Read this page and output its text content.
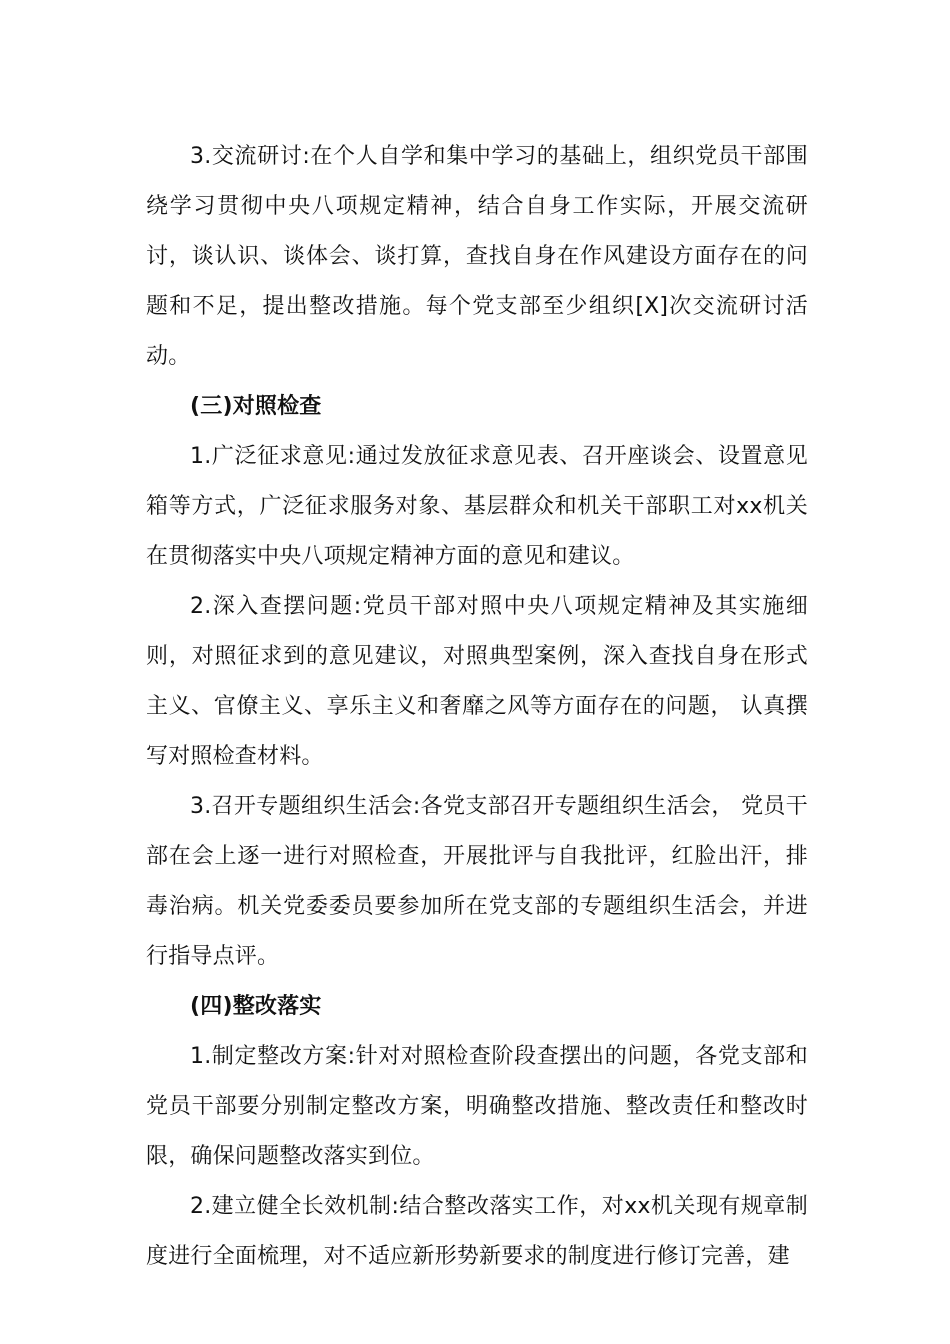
3.交流研讨:在个人自学和集中学习的基础上，组织党员干部围绕学习贯彻中央八项规定精神，结合自身工作实际，开展交流研讨，谈认识、谈体会、谈打算，查找自身在作风建设方面存在的问题和不足，提出整改措施。每个党支部至少组织[X]次交流研讨活动。

(三)对照检查

1.广泛征求意见:通过发放征求意见表、召开座谈会、设置意见箱等方式，广泛征求服务对象、基层群众和机关干部职工对xx机关在贯彻落实中央八项规定精神方面的意见和建议。

2.深入查摆问题:党员干部对照中央八项规定精神及其实施细则，对照征求到的意见建议，对照典型案例，深入查找自身在形式主义、官僚主义、享乐主义和奢靡之风等方面存在的问题， 认真撰写对照检查材料。

3.召开专题组织生活会:各党支部召开专题组织生活会， 党员干部在会上逐一进行对照检查，开展批评与自我批评，红脸出汗，排毒治病。机关党委委员要参加所在党支部的专题组织生活会，并进行指导点评。

(四)整改落实

1.制定整改方案:针对对照检查阶段查摆出的问题，各党支部和党员干部要分别制定整改方案，明确整改措施、整改责任和整改时限，确保问题整改落实到位。

2.建立健全长效机制:结合整改落实工作，对xx机关现有规章制度进行全面梳理，对不适应新形势新要求的制度进行修订完善，建
